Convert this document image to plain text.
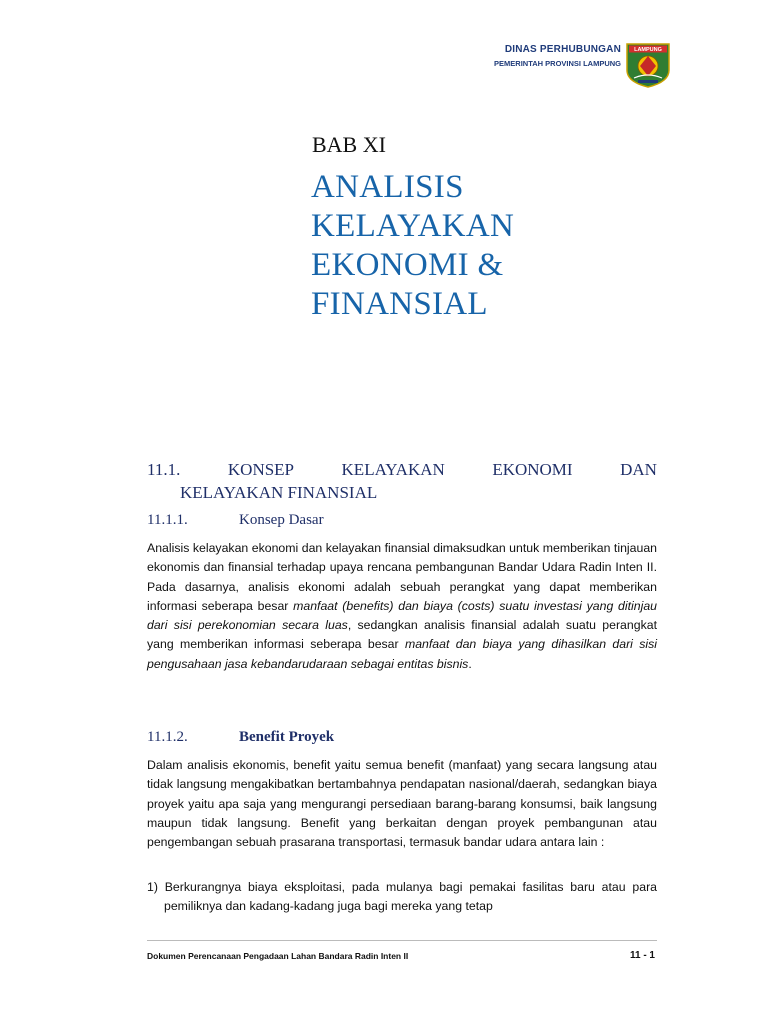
DINAS PERHUBUNGAN
PEMERINTAH PROVINSI LAMPUNG
LAMPUNG
BAB XI
ANALISIS KELAYAKAN EKONOMI & FINANSIAL
11.1.	KONSEP	KELAYAKAN	EKONOMI	DAN
KELAYAKAN FINANSIAL
11.1.1.	Konsep Dasar

Analisis kelayakan ekonomi dan kelayakan finansial dimaksudkan untuk memberikan tinjauan ekonomis dan finansial terhadap upaya rencana pembangunan Bandar Udara Radin Inten II. Pada dasarnya, analisis ekonomi adalah sebuah perangkat yang dapat memberikan informasi seberapa besar manfaat (benefits) dan biaya (costs) suatu investasi yang ditinjau dari sisi perekonomian secara luas, sedangkan analisis finansial adalah suatu perangkat yang memberikan informasi seberapa besar manfaat dan biaya yang dihasilkan dari sisi pengusahaan jasa kebandarudaraan sebagai entitas bisnis.

11.1.2.	Benefit Proyek

Dalam analisis ekonomis, benefit yaitu semua benefit (manfaat) yang secara langsung atau tidak langsung mengakibatkan bertambahnya pendapatan nasional/daerah, sedangkan biaya proyek yaitu apa saja yang mengurangi persediaan barang-barang konsumsi, baik langsung maupun tidak langsung. Benefit yang berkaitan dengan proyek pembangunan atau pengembangan sebuah prasarana transportasi, termasuk bandar udara antara lain :

1) Berkurangnya biaya eksploitasi, pada mulanya bagi pemakai fasilitas baru atau para pemiliknya dan kadang-kadang juga bagi mereka yang tetap

Dokumen Perencanaan Pengadaan Lahan Bandara Radin Inten II	11 - 1
